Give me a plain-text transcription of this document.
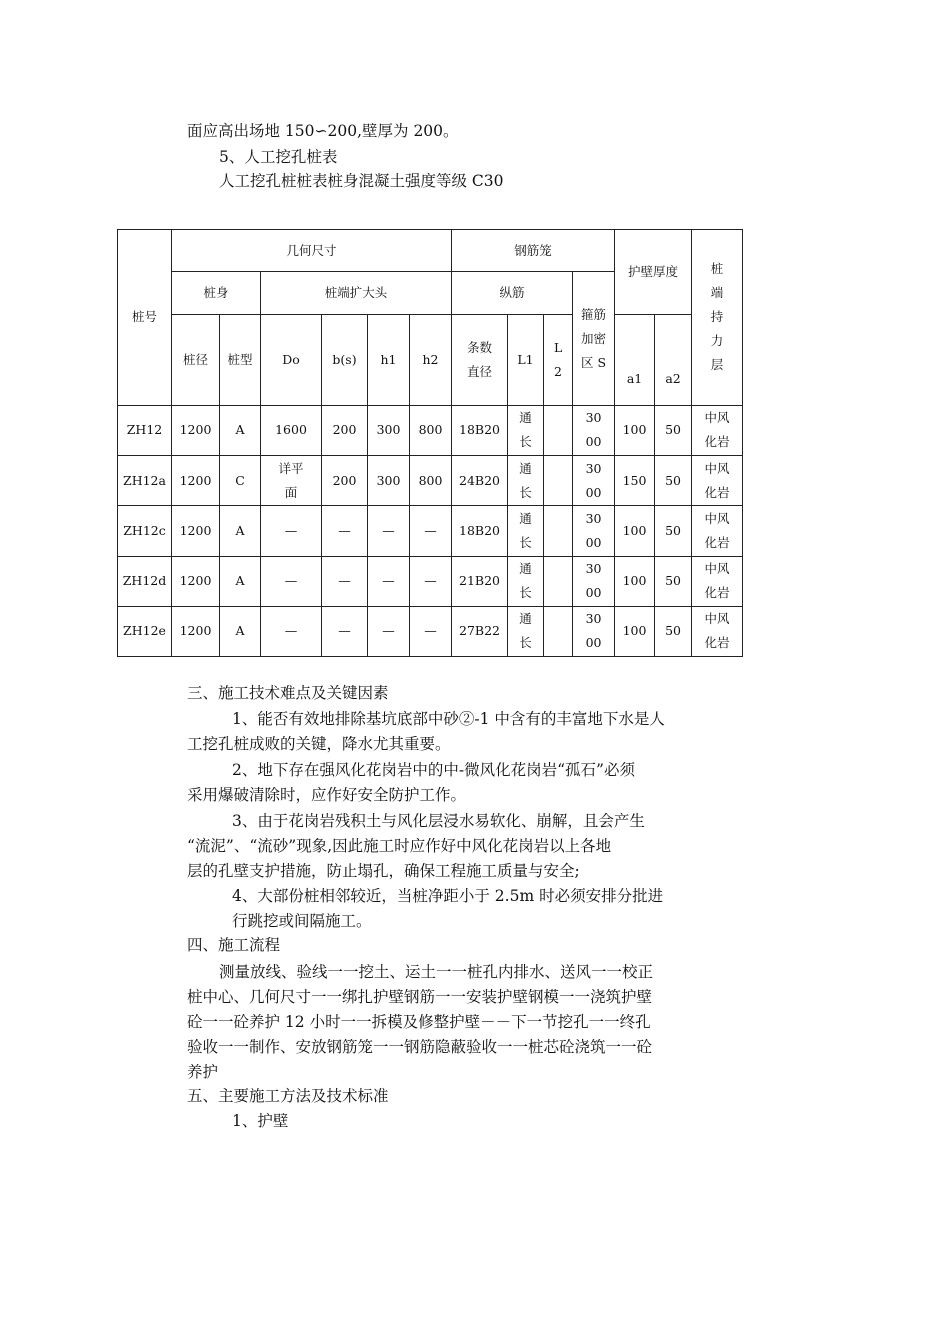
面应高出场地 150∽200,壁厚为 200。
5、人工挖孔桩表
人工挖孔桩桩表桩身混凝土强度等级 C30
桩号	几何尺寸						钢筋笼				护壁厚度		桩端持力层
	桩身		桩端扩大头				纵筋			箍筋加密区 S			
	桩径	桩型	Do	b(s)	h1	h2	条数直径	L1	L2		a1	a2	
ZH12	1200	A	1600	200	300	800	18B20	通长		3000	100	50	中风化岩
ZH12a	1200	C	详平面	200	300	800	24B20	通长		3000	150	50	中风化岩
ZH12c	1200	A	—	—	—	—	18B20	通长		3000	100	50	中风化岩
ZH12d	1200	A	—	—	—	—	21B20	通长		3000	100	50	中风化岩
ZH12e	1200	A	—	—	—	—	27B22	通长		3000	100	50	中风化岩
三、施工技术难点及关键因素
1、能否有效地排除基坑底部中砂②-1 中含有的丰富地下水是人
工挖孔桩成败的关键，降水尤其重要。
2、地下存在强风化花岗岩中的中-微风化花岗岩“孤石”必须
采用爆破清除时，应作好安全防护工作。
3、由于花岗岩残积土与风化层浸水易软化、崩解，且会产生
“流泥”、“流砂”现象,因此施工时应作好中风化花岗岩以上各地
层的孔壁支护措施，防止塌孔，确保工程施工质量与安全;
4、大部份桩相邻较近，当桩净距小于 2.5m 时必须安排分批进
行跳挖或间隔施工。
四、施工流程
测量放线、验线一一挖土、运土一一桩孔内排水、送风一一校正
桩中心、几何尺寸一一绑扎护壁钢筋一一安装护壁钢模一一浇筑护壁
砼一一砼养护 12 小时一一拆模及修整护壁－－下一节挖孔一一终孔
验收一一制作、安放钢筋笼一一钢筋隐蔽验收一一桩芯砼浇筑一一砼
养护
五、主要施工方法及技术标准
1、护壁
